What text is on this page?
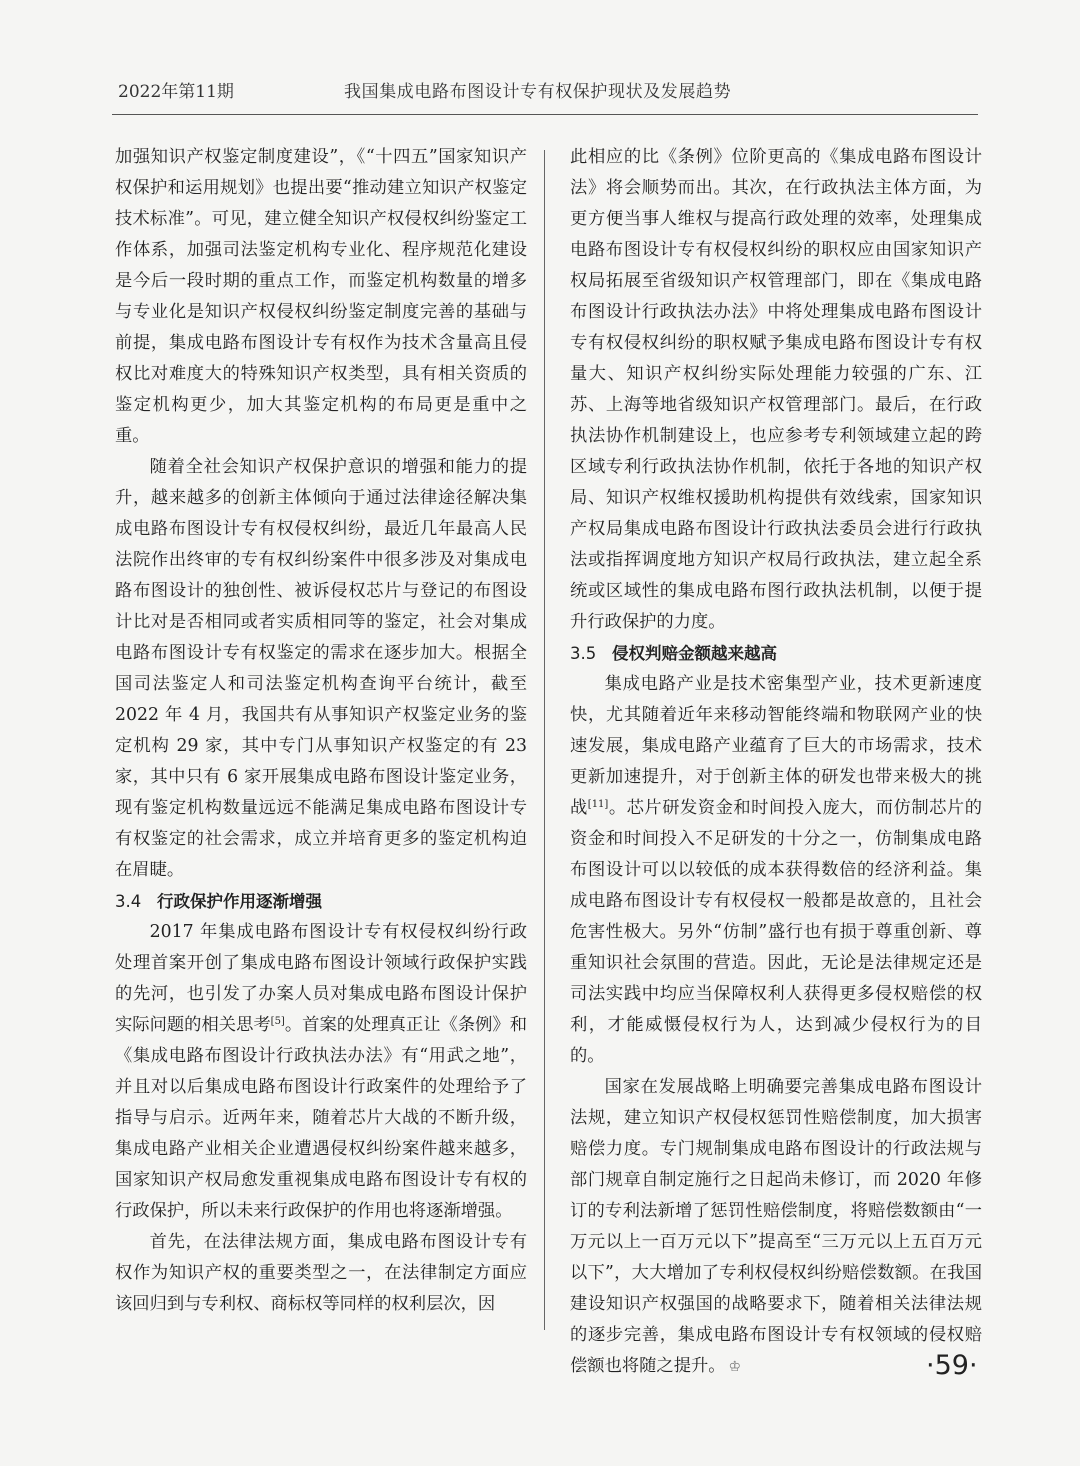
2022年第11期	我国集成电路布图设计专有权保护现状及发展趋势

加强知识产权鉴定制度建设”，《“十四五”国家知识产权保护和运用规划》也提出要“推动建立知识产权鉴定技术标准”。可见，建立健全知识产权侵权纠纷鉴定工作体系，加强司法鉴定机构专业化、程序规范化建设是今后一段时期的重点工作，而鉴定机构数量的增多与专业化是知识产权侵权纠纷鉴定制度完善的基础与前提，集成电路布图设计专有权作为技术含量高且侵权比对难度大的特殊知识产权类型，具有相关资质的鉴定机构更少，加大其鉴定机构的布局更是重中之重。

随着全社会知识产权保护意识的增强和能力的提升，越来越多的创新主体倾向于通过法律途径解决集成电路布图设计专有权侵权纠纷，最近几年最高人民法院作出终审的专有权纠纷案件中很多涉及对集成电路布图设计的独创性、被诉侵权芯片与登记的布图设计比对是否相同或者实质相同等的鉴定，社会对集成电路布图设计专有权鉴定的需求在逐步加大。根据全国司法鉴定人和司法鉴定机构查询平台统计，截至 2022 年 4 月，我国共有从事知识产权鉴定业务的鉴定机构 29 家，其中专门从事知识产权鉴定的有 23 家，其中只有 6 家开展集成电路布图设计鉴定业务，现有鉴定机构数量远远不能满足集成电路布图设计专有权鉴定的社会需求，成立并培育更多的鉴定机构迫在眉睫。

3.4 行政保护作用逐渐增强

2017 年集成电路布图设计专有权侵权纠纷行政处理首案开创了集成电路布图设计领域行政保护实践的先河，也引发了办案人员对集成电路布图设计保护实际问题的相关思考[5]。首案的处理真正让《条例》和《集成电路布图设计行政执法办法》有“用武之地”，并且对以后集成电路布图设计行政案件的处理给予了指导与启示。近两年来，随着芯片大战的不断升级，集成电路产业相关企业遭遇侵权纠纷案件越来越多，国家知识产权局愈发重视集成电路布图设计专有权的行政保护，所以未来行政保护的作用也将逐渐增强。

首先，在法律法规方面，集成电路布图设计专有权作为知识产权的重要类型之一，在法律制定方面应该回归到与专利权、商标权等同样的权利层次，因

此相应的比《条例》位阶更高的《集成电路布图设计法》将会顺势而出。其次，在行政执法主体方面，为更方便当事人维权与提高行政处理的效率，处理集成电路布图设计专有权侵权纠纷的职权应由国家知识产权局拓展至省级知识产权管理部门，即在《集成电路布图设计行政执法办法》中将处理集成电路布图设计专有权侵权纠纷的职权赋予集成电路布图设计专有权量大、知识产权纠纷实际处理能力较强的广东、江苏、上海等地省级知识产权管理部门。最后，在行政执法协作机制建设上，也应参考专利领域建立起的跨区域专利行政执法协作机制，依托于各地的知识产权局、知识产权维权援助机构提供有效线索，国家知识产权局集成电路布图设计行政执法委员会进行行政执法或指挥调度地方知识产权局行政执法，建立起全系统或区域性的集成电路布图行政执法机制，以便于提升行政保护的力度。

3.5 侵权判赔金额越来越高

集成电路产业是技术密集型产业，技术更新速度快，尤其随着近年来移动智能终端和物联网产业的快速发展，集成电路产业蕴育了巨大的市场需求，技术更新加速提升，对于创新主体的研发也带来极大的挑战[11]。芯片研发资金和时间投入庞大，而仿制芯片的资金和时间投入不足研发的十分之一，仿制集成电路布图设计可以以较低的成本获得数倍的经济利益。集成电路布图设计专有权侵权一般都是故意的，且社会危害性极大。另外“仿制”盛行也有损于尊重创新、尊重知识社会氛围的营造。因此，无论是法律规定还是司法实践中均应当保障权利人获得更多侵权赔偿的权利，才能威慑侵权行为人，达到减少侵权行为的目的。

国家在发展战略上明确要完善集成电路布图设计法规，建立知识产权侵权惩罚性赔偿制度，加大损害赔偿力度。专门规制集成电路布图设计的行政法规与部门规章自制定施行之日起尚未修订，而 2020 年修订的专利法新增了惩罚性赔偿制度，将赔偿数额由“一万元以上一百万元以下”提高至“三万元以上五百万元以下”，大大增加了专利权侵权纠纷赔偿数额。在我国建设知识产权强国的战略要求下，随着相关法律法规的逐步完善，集成电路布图设计专有权领域的侵权赔偿额也将随之提升。 ♔	·59·
